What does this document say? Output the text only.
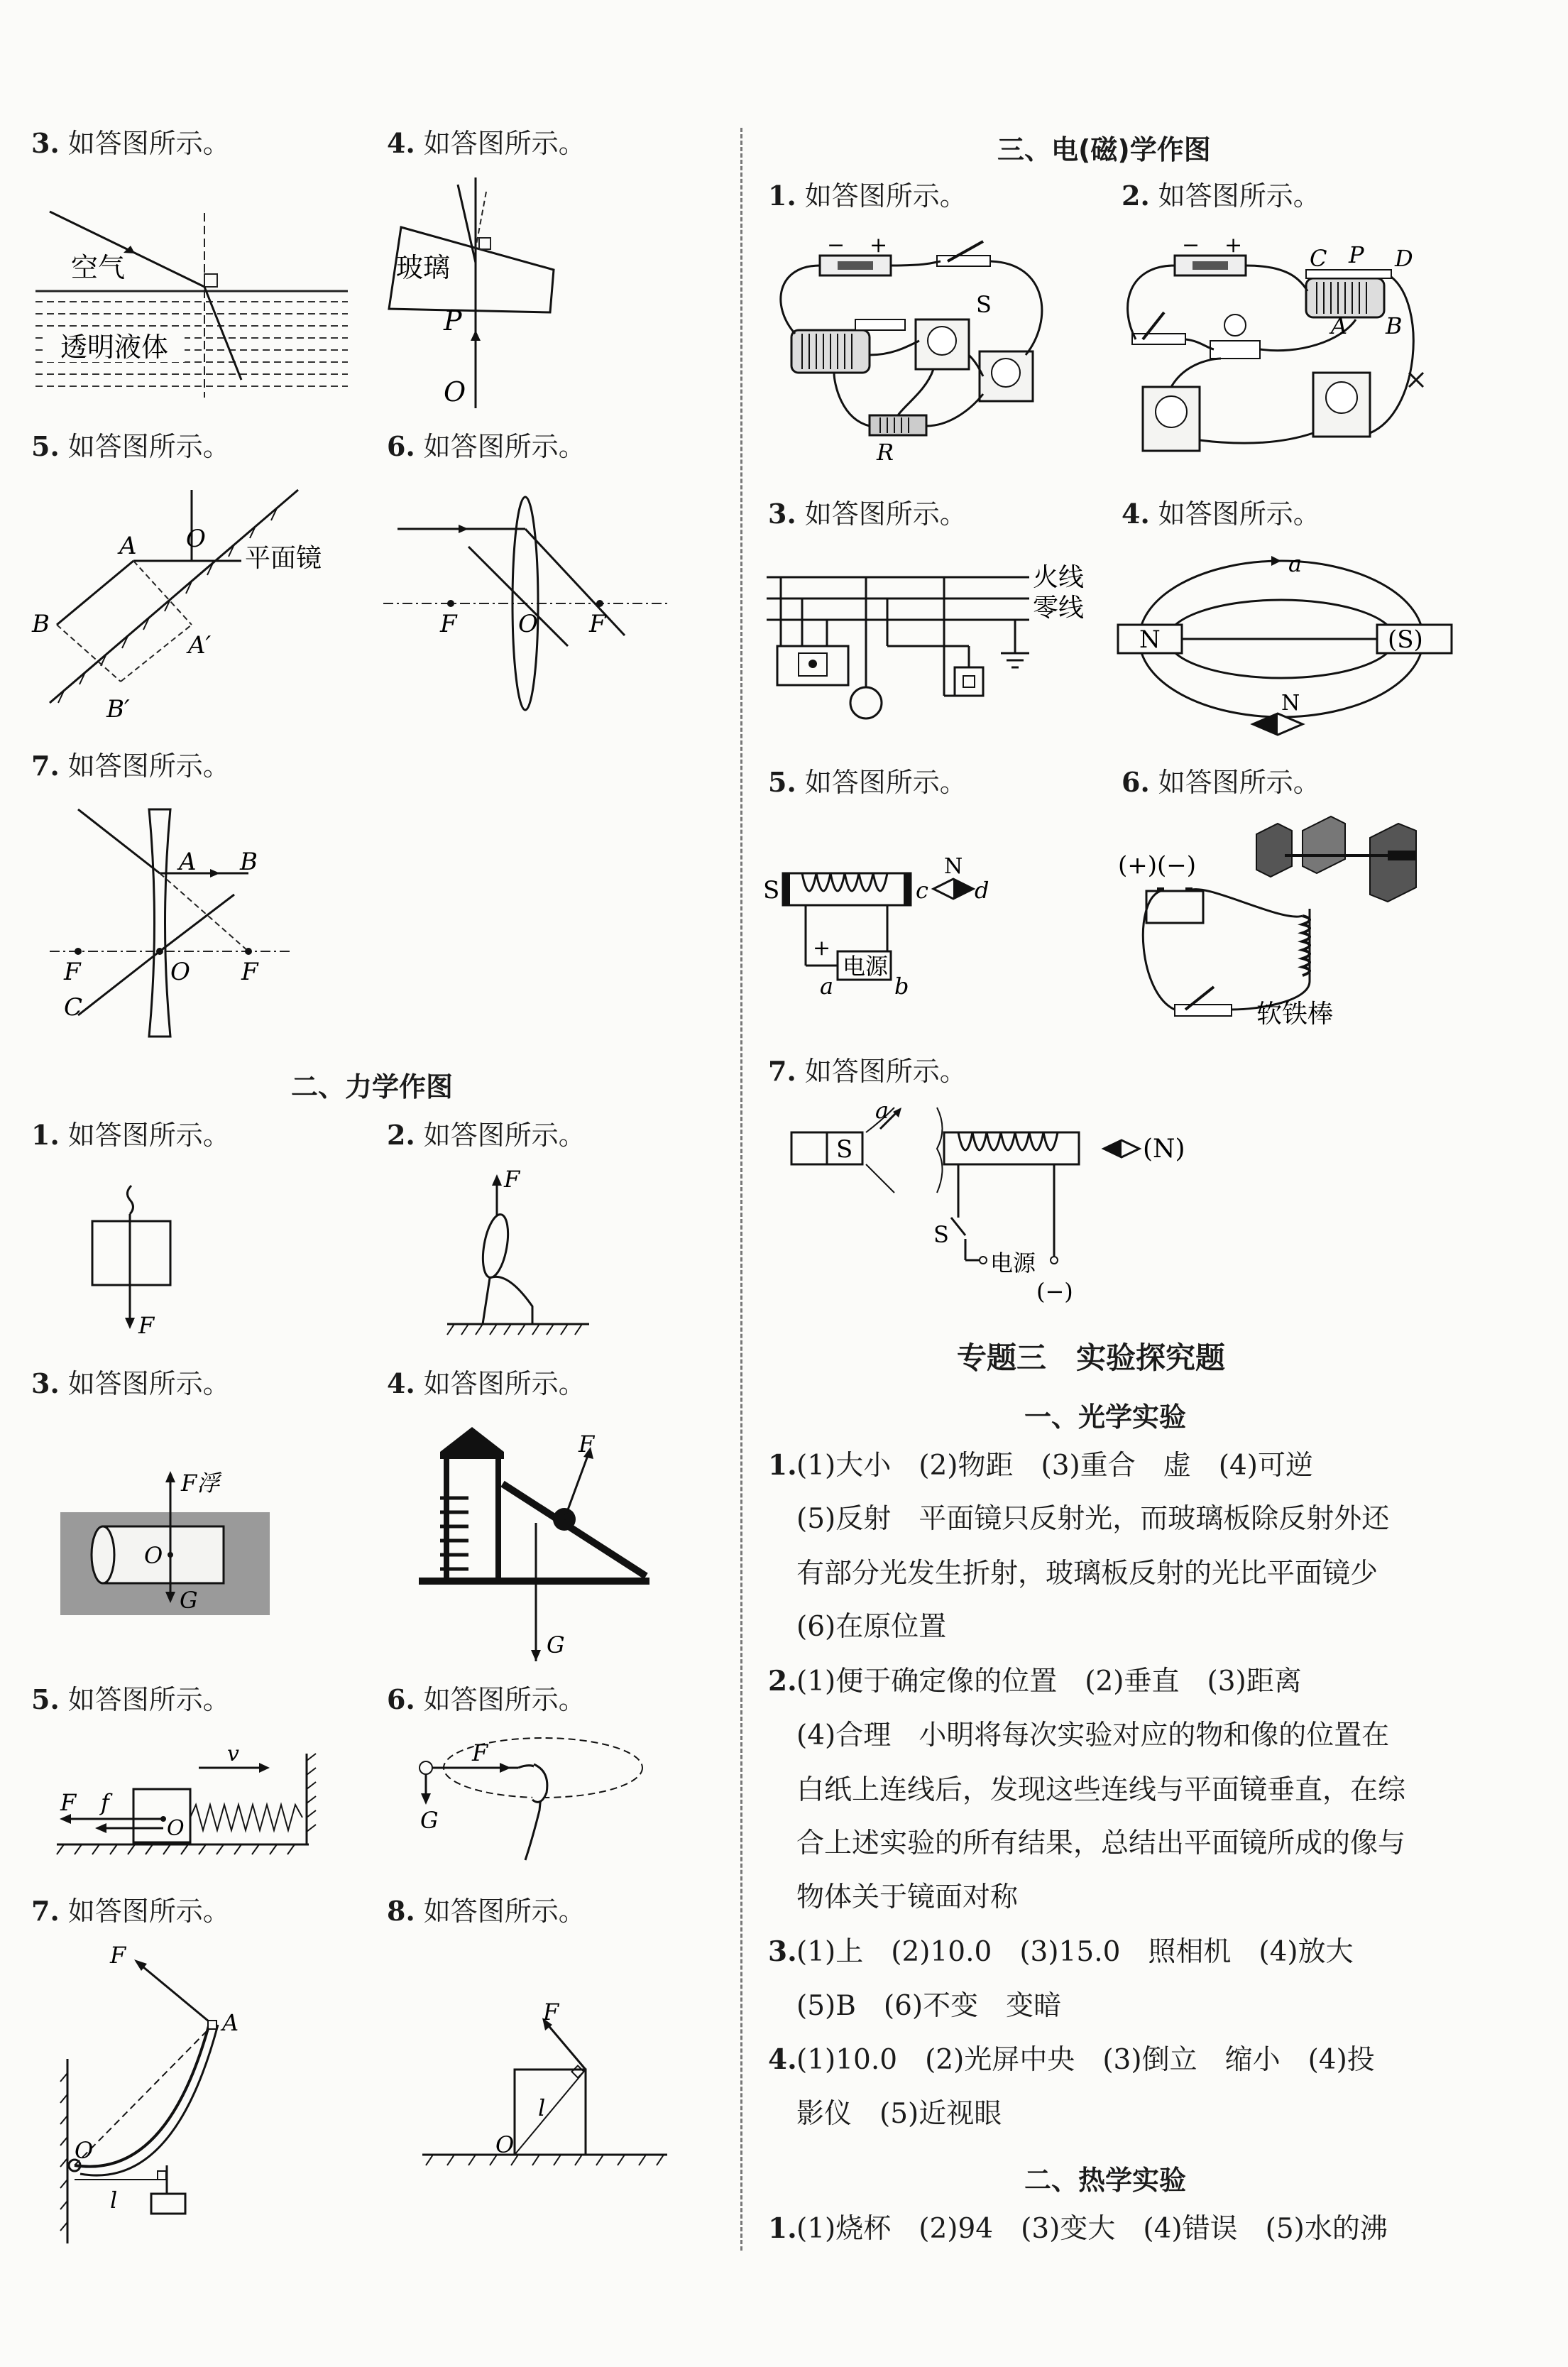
3. 如答图所示。	4. 如答图所示。
空气
透明液体
玻璃
P
O
5. 如答图所示。	6. 如答图所示。
A O
平面镜
B
A′
B′
F	O F
7. 如答图所示。
A B
F	O F
C
二、力学作图
1. 如答图所示。	2. 如答图所示。
F
F
3. 如答图所示。	4. 如答图所示。
F浮
O
G
F
G
5. 如答图所示。	6. 如答图所示。
v
F f
O
F
G
7. 如答图所示。	8. 如答图所示。
F
A
O
l
F
l
O
三、电(磁)学作图
1. 如答图所示。	2. 如答图所示。
− +
S
R
− +	C P D
A B
3. 如答图所示。	4. 如答图所示。
火线
零线
a
N	(S)
N
5. 如答图所示。	6. 如答图所示。
S	c
N
d
+
电源
a	b
(+)(−)
软铁棒
7. 如答图所示。
a
S	(N)
S
电源
(−)
专题三　实验探究题
一、光学实验
1. (1)大小　(2)物距　(3)重合　虚　(4)可逆
(5)反射　平面镜只反射光，而玻璃板除反射外还
有部分光发生折射，玻璃板反射的光比平面镜少
(6)在原位置
2. (1)便于确定像的位置　(2)垂直　(3)距离
(4)合理　小明将每次实验对应的物和像的位置在
白纸上连线后，发现这些连线与平面镜垂直，在综
合上述实验的所有结果，总结出平面镜所成的像与
物体关于镜面对称
3. (1)上　(2)10.0　(3)15.0　照相机　(4)放大
(5)B　(6)不变　变暗
4. (1)10.0　(2)光屏中央　(3)倒立　缩小　(4)投
影仪　(5)近视眼
二、热学实验
1. (1)烧杯　(2)94　(3)变大　(4)错误　(5)水的沸
